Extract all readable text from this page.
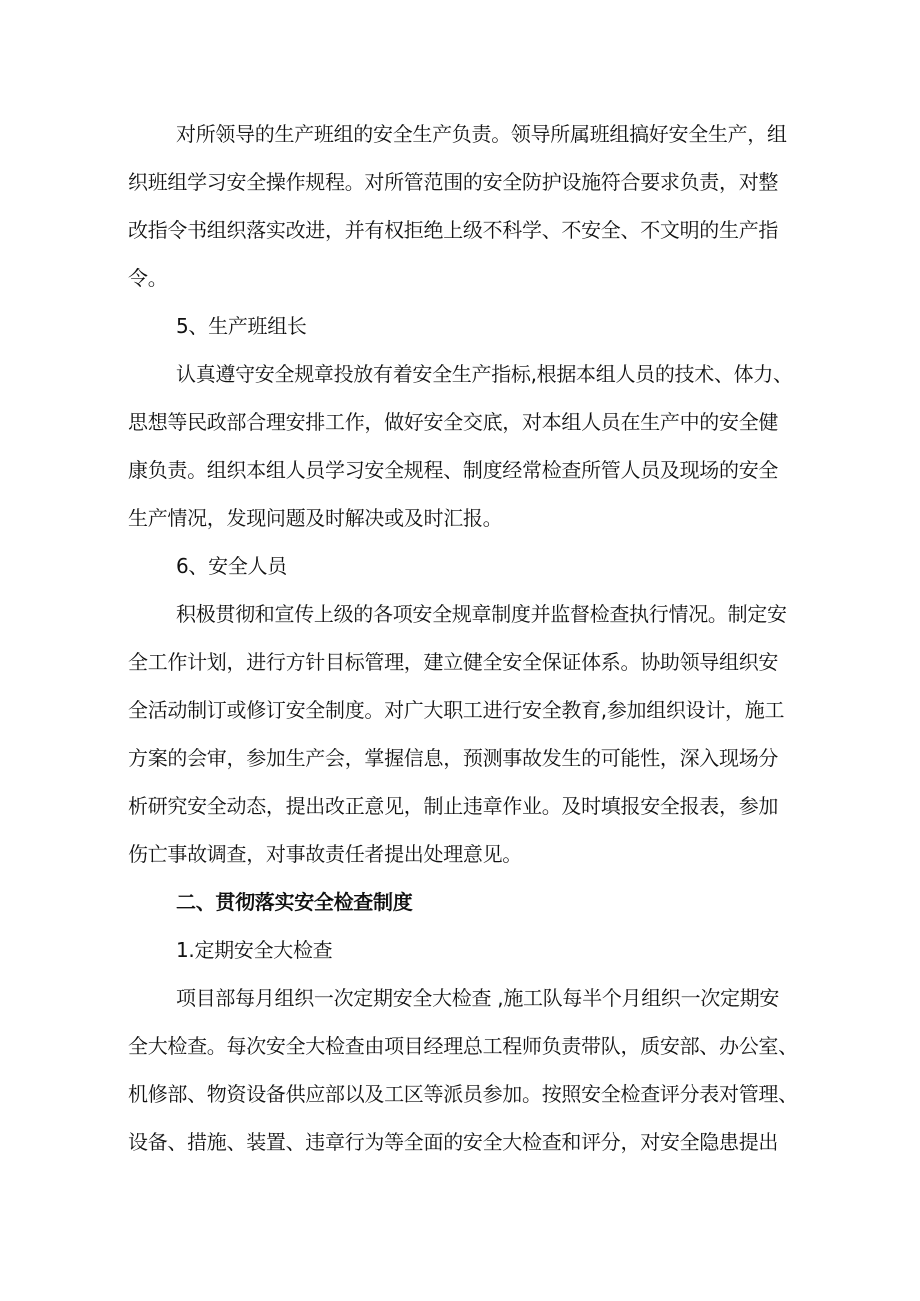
对所领导的生产班组的安全生产负责。领导所属班组搞好安全生产，组
织班组学习安全操作规程。对所管范围的安全防护设施符合要求负责，对整
改指令书组织落实改进，并有权拒绝上级不科学、不安全、不文明的生产指
令。
5、生产班组长
认真遵守安全规章投放有着安全生产指标,根据本组人员的技术、体力、
思想等民政部合理安排工作，做好安全交底，对本组人员在生产中的安全健
康负责。组织本组人员学习安全规程、制度经常检查所管人员及现场的安全
生产情况，发现问题及时解决或及时汇报。
6、安全人员
积极贯彻和宣传上级的各项安全规章制度并监督检查执行情况。制定安
全工作计划，进行方针目标管理，建立健全安全保证体系。协助领导组织安
全活动制订或修订安全制度。对广大职工进行安全教育,参加组织设计，施工
方案的会审，参加生产会，掌握信息，预测事故发生的可能性，深入现场分
析研究安全动态，提出改正意见，制止违章作业。及时填报安全报表，参加
伤亡事故调查，对事故责任者提出处理意见。
二、贯彻落实安全检查制度
1.定期安全大检查
项目部每月组织一次定期安全大检查 ,施工队每半个月组织一次定期安
全大检查。每次安全大检查由项目经理总工程师负责带队，质安部、办公室、
机修部、物资设备供应部以及工区等派员参加。按照安全检查评分表对管理、
设备、措施、装置、违章行为等全面的安全大检查和评分，对安全隐患提出
